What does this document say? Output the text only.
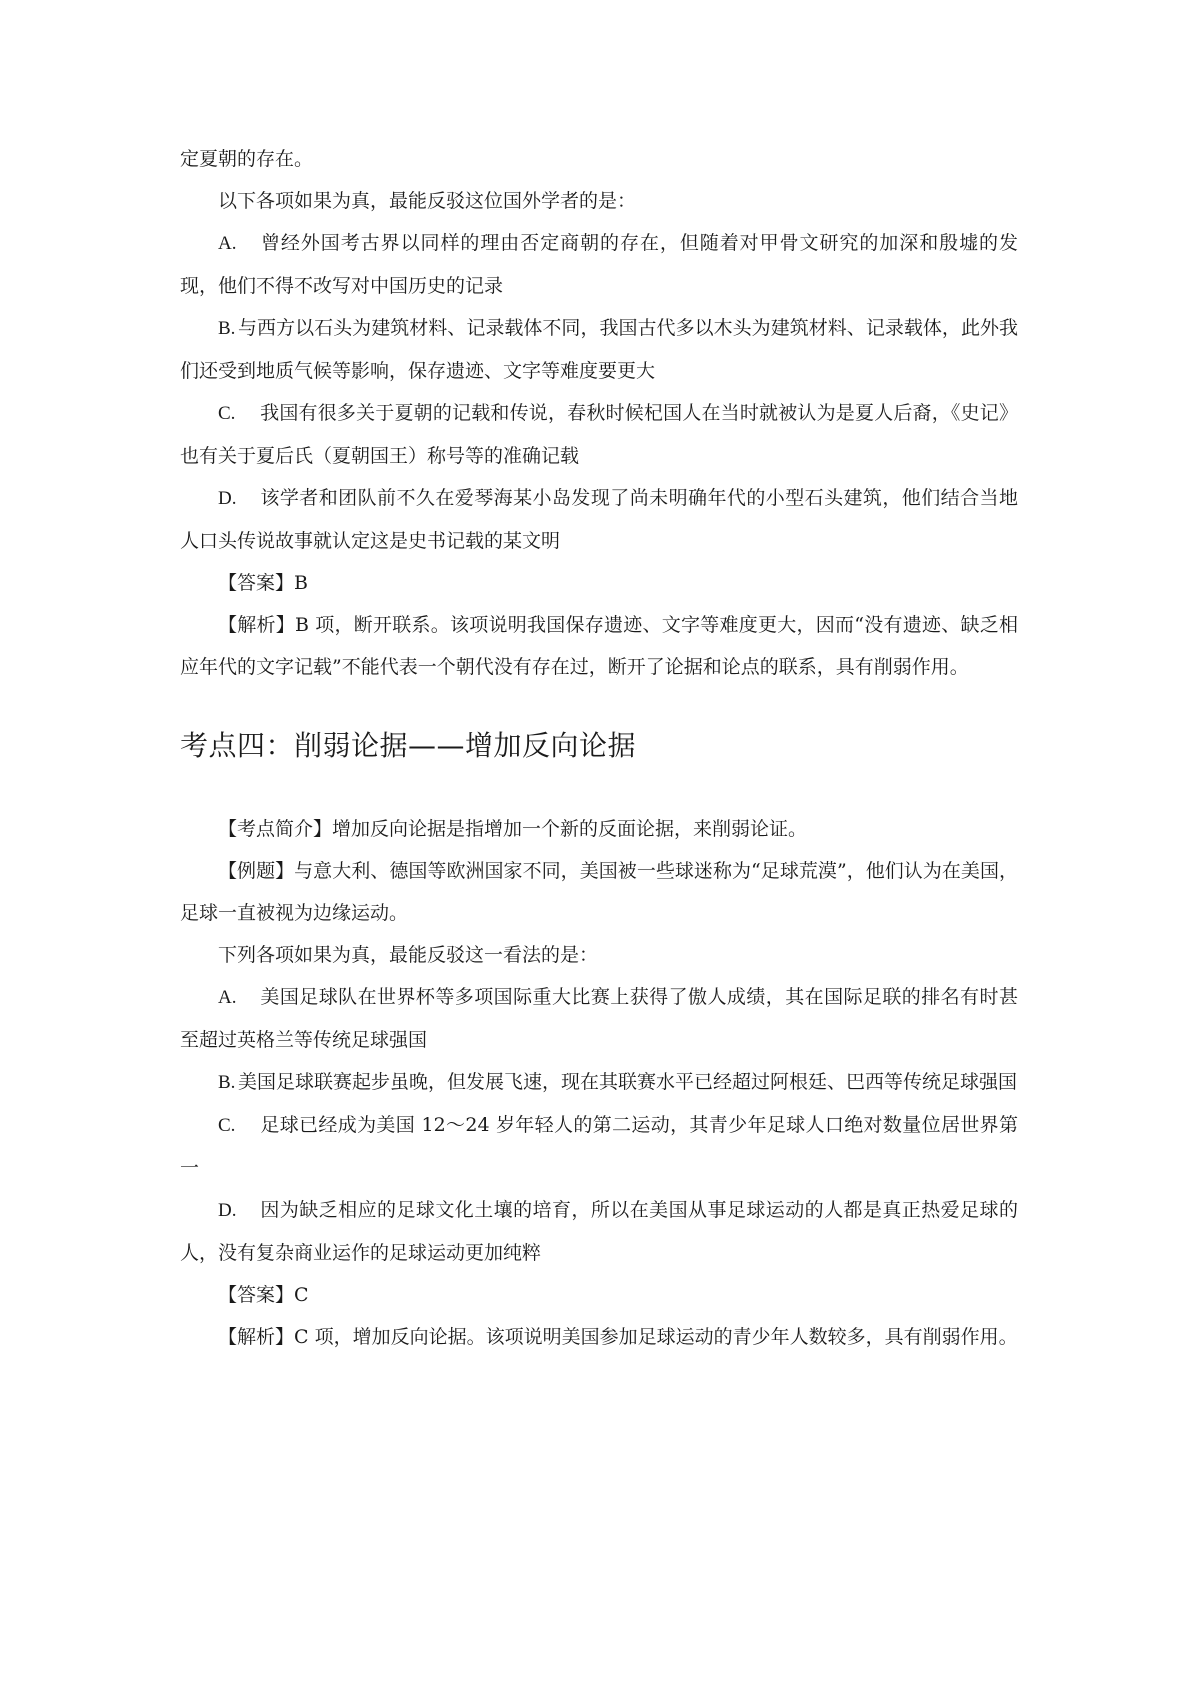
定夏朝的存在。

以下各项如果为真，最能反驳这位国外学者的是：

A. 曾经外国考古界以同样的理由否定商朝的存在，但随着对甲骨文研究的加深和殷墟的发现，他们不得不改写对中国历史的记录

B. 与西方以石头为建筑材料、记录载体不同，我国古代多以木头为建筑材料、记录载体，此外我们还受到地质气候等影响，保存遗迹、文字等难度要更大

C. 我国有很多关于夏朝的记载和传说，春秋时候杞国人在当时就被认为是夏人后裔，《史记》也有关于夏后氏（夏朝国王）称号等的准确记载

D. 该学者和团队前不久在爱琴海某小岛发现了尚未明确年代的小型石头建筑，他们结合当地人口头传说故事就认定这是史书记载的某文明

【答案】B

【解析】B 项，断开联系。该项说明我国保存遗迹、文字等难度更大，因而“没有遗迹、缺乏相应年代的文字记载”不能代表一个朝代没有存在过，断开了论据和论点的联系，具有削弱作用。

考点四：削弱论据——增加反向论据

【考点简介】增加反向论据是指增加一个新的反面论据，来削弱论证。

【例题】与意大利、德国等欧洲国家不同，美国被一些球迷称为“足球荒漠”，他们认为在美国，足球一直被视为边缘运动。

下列各项如果为真，最能反驳这一看法的是：

A. 美国足球队在世界杯等多项国际重大比赛上获得了傲人成绩，其在国际足联的排名有时甚至超过英格兰等传统足球强国

B. 美国足球联赛起步虽晚，但发展飞速，现在其联赛水平已经超过阿根廷、巴西等传统足球强国

C. 足球已经成为美国 12～24 岁年轻人的第二运动，其青少年足球人口绝对数量位居世界第一

D. 因为缺乏相应的足球文化土壤的培育，所以在美国从事足球运动的人都是真正热爱足球的人，没有复杂商业运作的足球运动更加纯粹

【答案】C

【解析】C 项，增加反向论据。该项说明美国参加足球运动的青少年人数较多，具有削弱作用。
